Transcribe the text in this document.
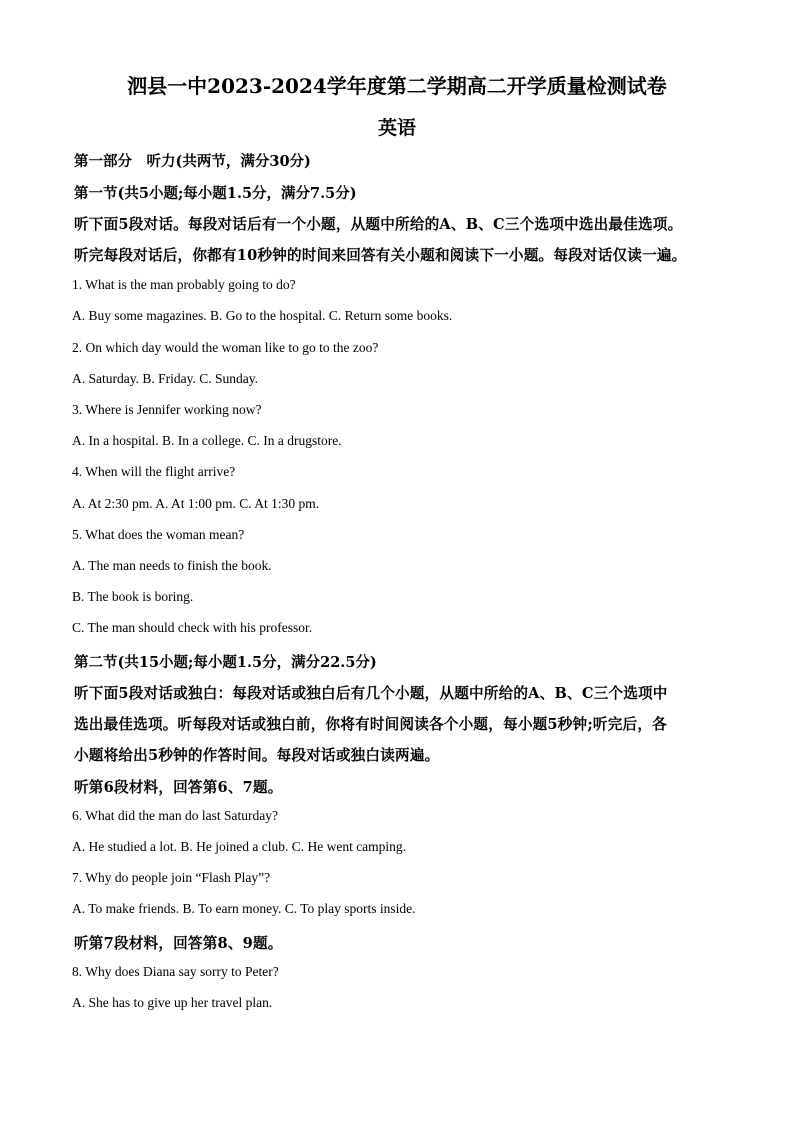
泗县一中2023-2024学年度第二学期高二开学质量检测试卷
英语
第一部分　听力(共两节，满分30分)
第一节(共5小题;每小题1.5分，满分7.5分)
听下面5段对话。每段对话后有一个小题，从题中所给的A、B、C三个选项中选出最佳选项。
听完每段对话后，你都有10秒钟的时间来回答有关小题和阅读下一小题。每段对话仅读一遍。
1. What is the man probably going to do?
A. Buy some magazines. B. Go to the hospital. C. Return some books.
2. On which day would the woman like to go to the zoo?
A. Saturday. B. Friday. C. Sunday.
3. Where is Jennifer working now?
A. In a hospital. B. In a college. C. In a drugstore.
4. When will the flight arrive?
A. At 2:30 pm. A. At 1:00 pm. C. At 1:30 pm.
5. What does the woman mean?
A. The man needs to finish the book.
B. The book is boring.
C. The man should check with his professor.
第二节(共15小题;每小题1.5分，满分22.5分)
听下面5段对话或独白：每段对话或独白后有几个小题，从题中所给的A、B、C三个选项中
选出最佳选项。听每段对话或独白前，你将有时间阅读各个小题，每小题5秒钟;听完后，各
小题将给出5秒钟的作答时间。每段对话或独白读两遍。
听第6段材料，回答第6、7题。
6. What did the man do last Saturday?
A. He studied a lot. B. He joined a club. C. He went camping.
7. Why do people join “Flash Play”?
A. To make friends. B. To earn money. C. To play sports inside.
听第7段材料，回答第8、9题。
8. Why does Diana say sorry to Peter?
A. She has to give up her travel plan.
